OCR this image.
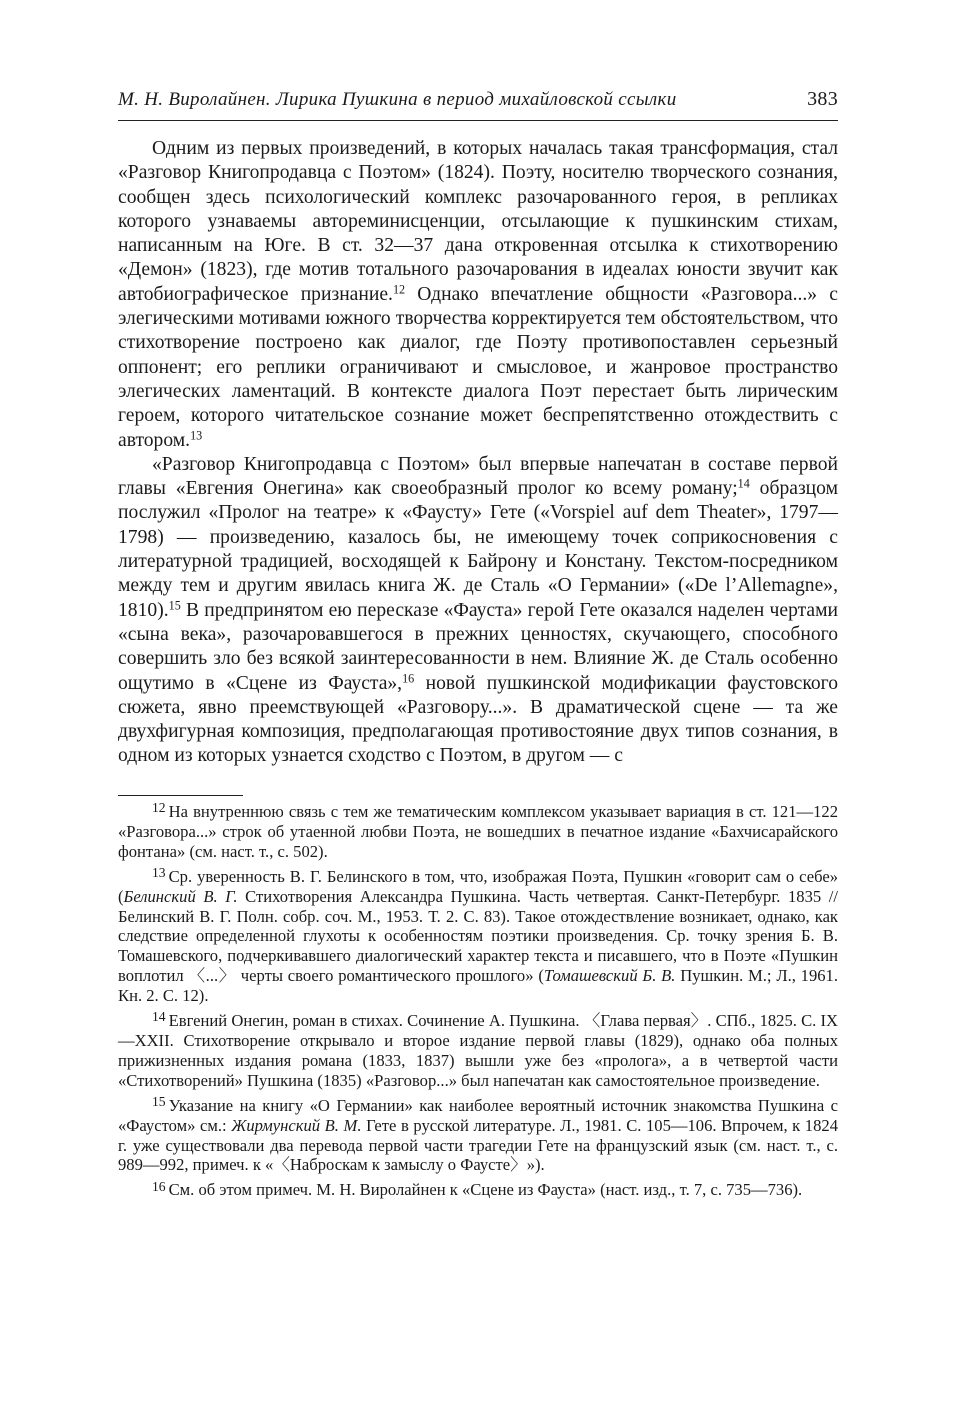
М. Н. Виролайнен. Лирика Пушкина в период михайловской ссылки	383

Одним из первых произведений, в которых началась такая трансформация, стал «Разговор Книгопродавца с Поэтом» (1824). Поэту, носителю творческого сознания, сообщен здесь психологический комплекс разочарованного героя, в репликах которого узнаваемы автореминисценции, отсылающие к пушкинским стихам, написанным на Юге. В ст. 32—37 дана откровенная отсылка к стихотворению «Демон» (1823), где мотив тотального разочарования в идеалах юности звучит как автобиографическое признание.$^{12}$ Однако впечатление общности «Разговора...» с элегическими мотивами южного творчества корректируется тем обстоятельством, что стихотворение построено как диалог, где Поэту противопоставлен серьезный оппонент; его реплики ограничивают и смысловое, и жанровое пространство элегических ламентаций. В контексте диалога Поэт перестает быть лирическим героем, которого читательское сознание может беспрепятственно отождествить с автором.$^{13}$

«Разговор Книгопродавца с Поэтом» был впервые напечатан в составе первой главы «Евгения Онегина» как своеобразный пролог ко всему роману;$^{14}$ образцом послужил «Пролог на театре» к «Фаусту» Гете («Vorspiel auf dem Theater», 1797—1798) — произведению, казалось бы, не имеющему точек соприкосновения с литературной традицией, восходящей к Байрону и Констану. Текстом-посредником между тем и другим явилась книга Ж. де Сталь «О Германии» («De l’Allemagne», 1810).$^{15}$ В предпринятом ею пересказе «Фауста» герой Гете оказался наделен чертами «сына века», разочаровавшегося в прежних ценностях, скучающего, способного совершить зло без всякой заинтересованности в нем. Влияние Ж. де Сталь особенно ощутимо в «Сцене из Фауста»,$^{16}$ новой пушкинской модификации фаустовского сюжета, явно преемствующей «Разговору...». В драматической сцене — та же двухфигурная композиция, предполагающая противостояние двух типов сознания, в одном из которых узнается сходство с Поэтом, в другом — с

$^{12}$ На внутреннюю связь с тем же тематическим комплексом указывает вариация в ст. 121—122 «Разговора...» строк об утаенной любви Поэта, не вошедших в печатное издание «Бахчисарайского фонтана» (см. наст. т., с. 502).

$^{13}$ Ср. уверенность В. Г. Белинского в том, что, изображая Поэта, Пушкин «говорит сам о себе» (Белинский В. Г. Стихотворения Александра Пушкина. Часть четвертая. Санкт-Петербург. 1835 // Белинский В. Г. Полн. собр. соч. М., 1953. Т. 2. С. 83). Такое отождествление возникает, однако, как следствие определенной глухоты к особенностям поэтики произведения. Ср. точку зрения Б. В. Томашевского, подчеркивавшего диалогический характер текста и писавшего, что в Поэте «Пушкин воплотил 〈...〉 черты своего романтического прошлого» (Томашевский Б. В. Пушкин. М.; Л., 1961. Кн. 2. С. 12).

$^{14}$ Евгений Онегин, роман в стихах. Сочинение А. Пушкина. 〈Глава первая〉. СПб., 1825. С. IX—XXII. Стихотворение открывало и второе издание первой главы (1829), однако оба полных прижизненных издания романа (1833, 1837) вышли уже без «пролога», а в четвертой части «Стихотворений» Пушкина (1835) «Разговор...» был напечатан как самостоятельное произведение.

$^{15}$ Указание на книгу «О Германии» как наиболее вероятный источник знакомства Пушкина с «Фаустом» см.: Жирмунский В. М. Гете в русской литературе. Л., 1981. С. 105—106. Впрочем, к 1824 г. уже существовали два перевода первой части трагедии Гете на французский язык (см. наст. т., с. 989—992, примеч. к «〈Наброскам к замыслу о Фаусте〉»).

$^{16}$ См. об этом примеч. М. Н. Виролайнен к «Сцене из Фауста» (наст. изд., т. 7, с. 735—736).
